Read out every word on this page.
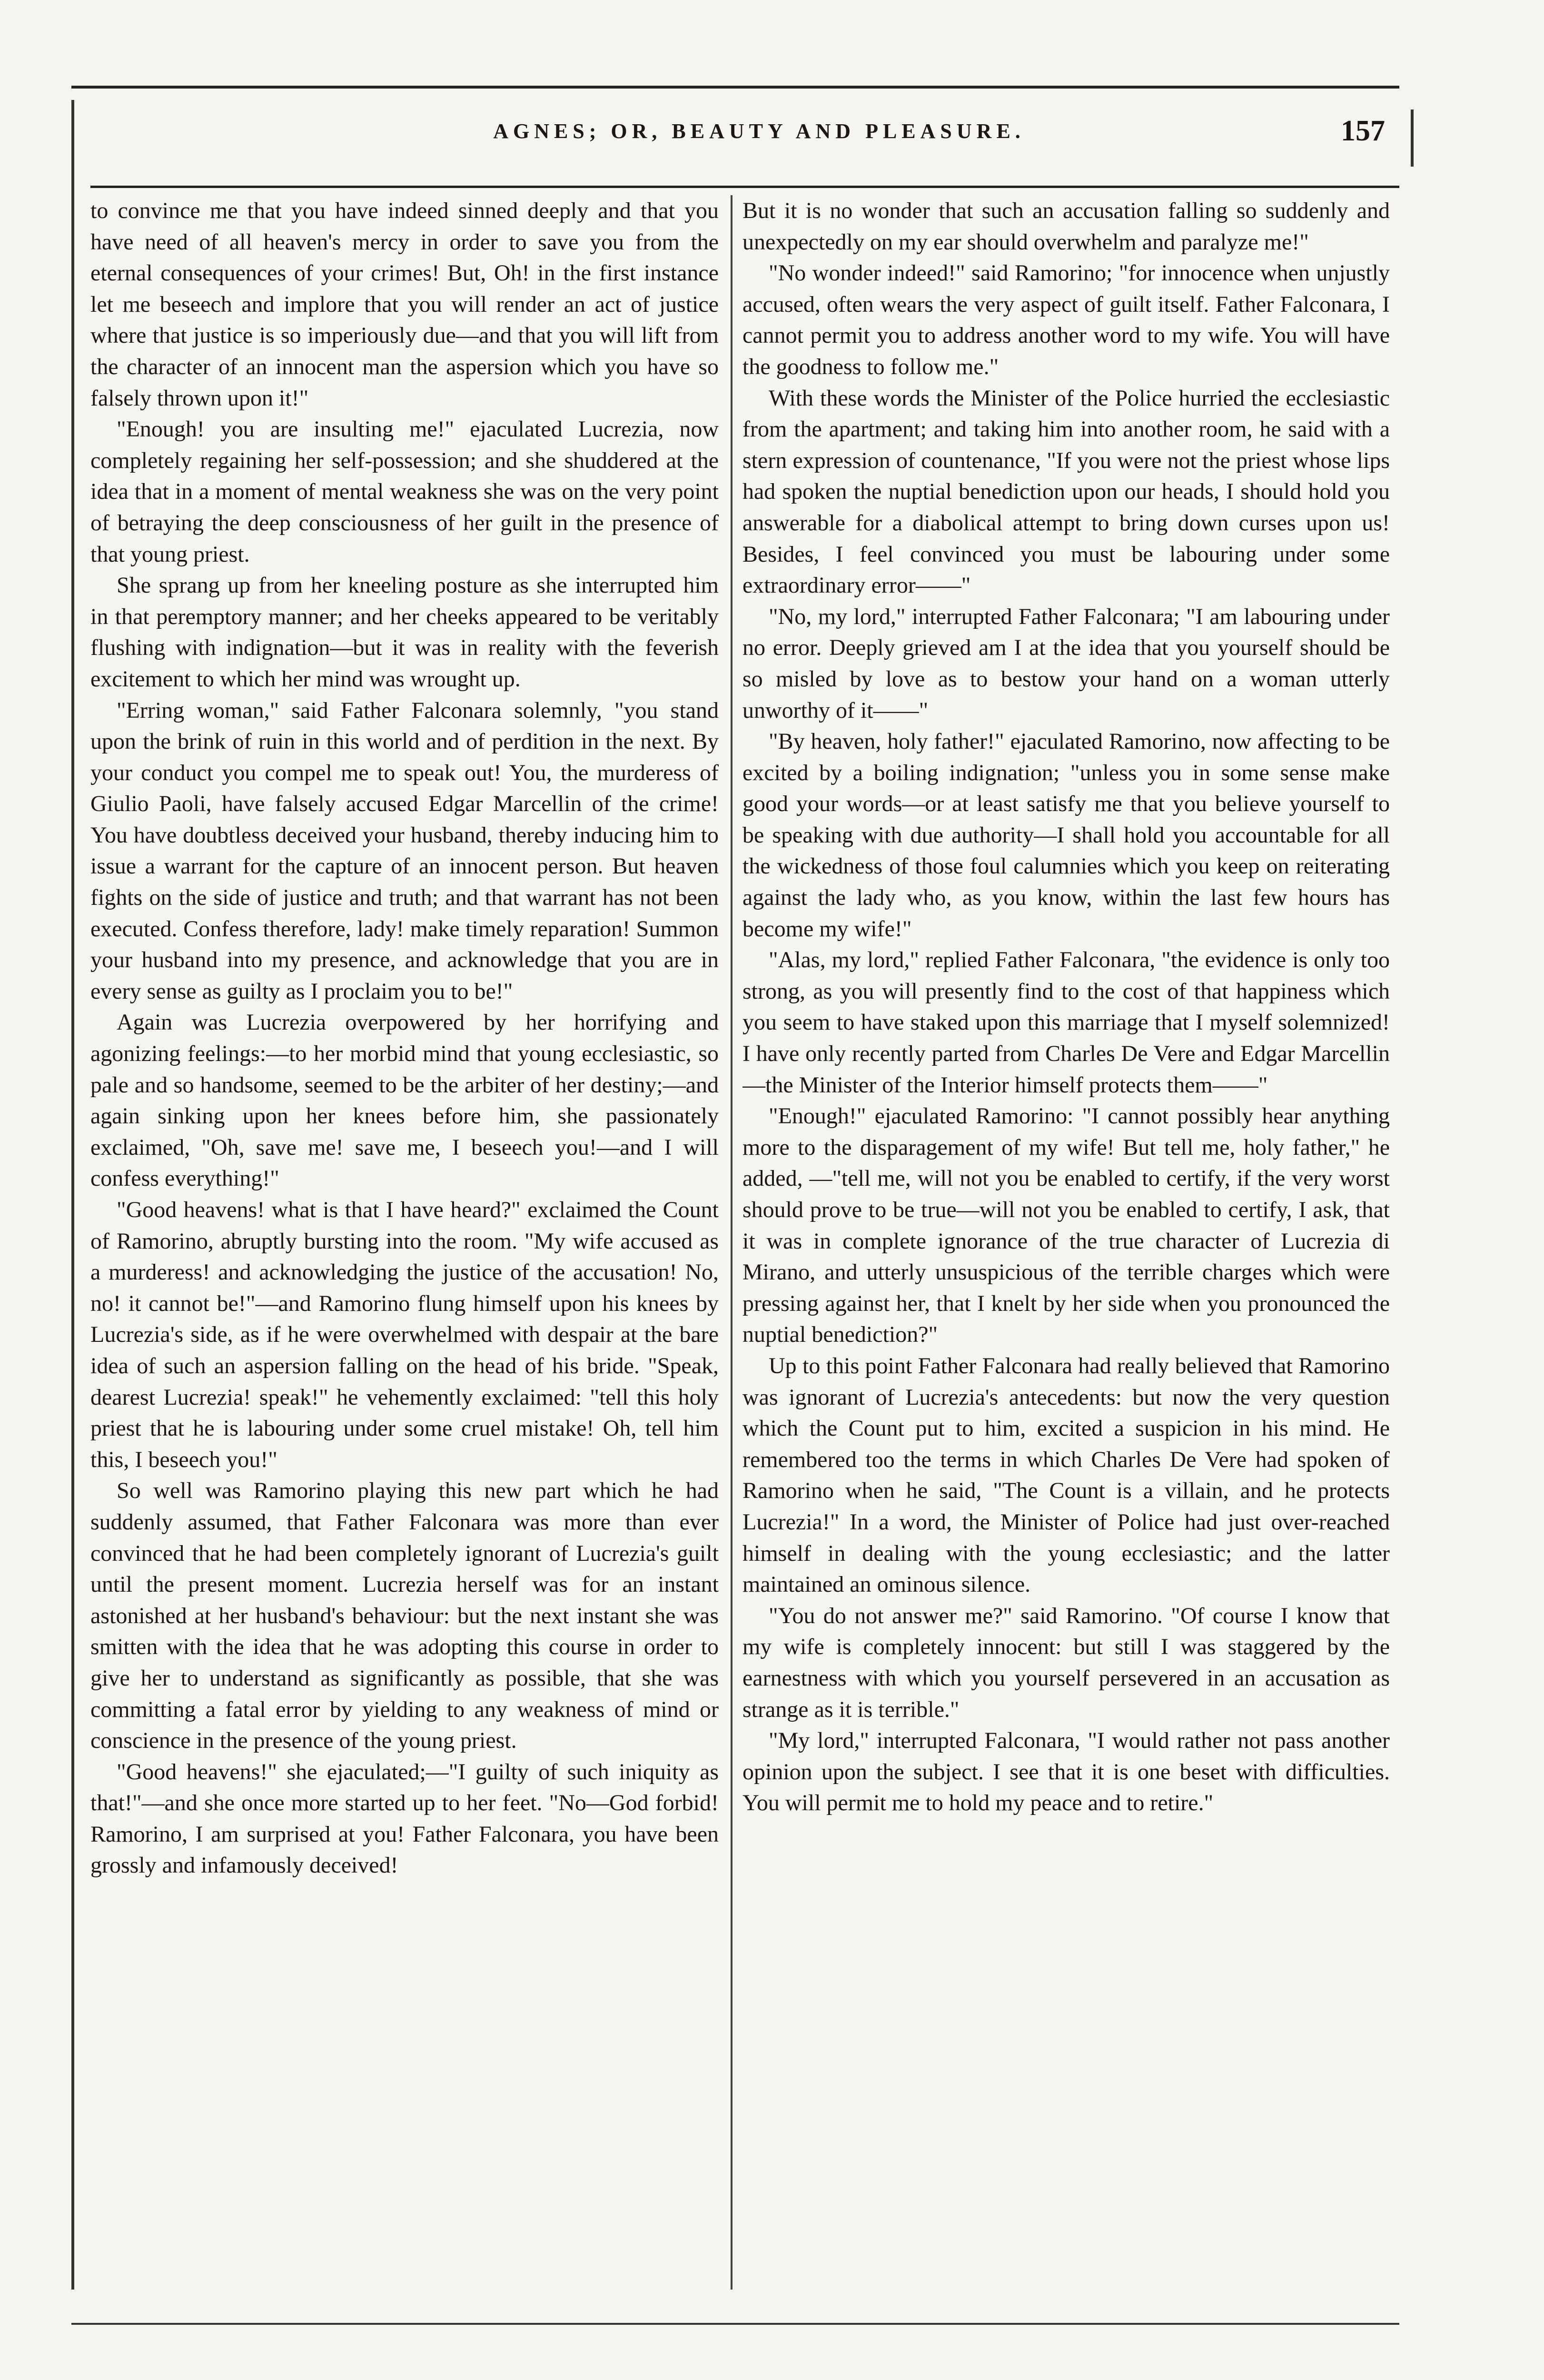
AGNES; OR, BEAUTY AND PLEASURE.	157

to convince me that you have indeed sinned deeply and that you have need of all heaven's mercy in order to save you from the eternal consequences of your crimes! But, Oh! in the first instance let me beseech and implore that you will render an act of justice where that justice is so imperiously due—and that you will lift from the character of an innocent man the aspersion which you have so falsely thrown upon it!"

"Enough! you are insulting me!" ejaculated Lucrezia, now completely regaining her self-possession; and she shuddered at the idea that in a moment of mental weakness she was on the very point of betraying the deep consciousness of her guilt in the presence of that young priest.

She sprang up from her kneeling posture as she interrupted him in that peremptory manner; and her cheeks appeared to be veritably flushing with indignation—but it was in reality with the feverish excitement to which her mind was wrought up.

"Erring woman," said Father Falconara solemnly, "you stand upon the brink of ruin in this world and of perdition in the next. By your conduct you compel me to speak out! You, the murderess of Giulio Paoli, have falsely accused Edgar Marcellin of the crime! You have doubtless deceived your husband, thereby inducing him to issue a warrant for the capture of an innocent person. But heaven fights on the side of justice and truth; and that warrant has not been executed. Confess therefore, lady! make timely reparation! Summon your husband into my presence, and acknowledge that you are in every sense as guilty as I proclaim you to be!"

Again was Lucrezia overpowered by her horrifying and agonizing feelings:—to her morbid mind that young ecclesiastic, so pale and so handsome, seemed to be the arbiter of her destiny;—and again sinking upon her knees before him, she passionately exclaimed, "Oh, save me! save me, I beseech you!—and I will confess everything!"

"Good heavens! what is that I have heard?" exclaimed the Count of Ramorino, abruptly bursting into the room. "My wife accused as a murderess! and acknowledging the justice of the accusation! No, no! it cannot be!"—and Ramorino flung himself upon his knees by Lucrezia's side, as if he were overwhelmed with despair at the bare idea of such an aspersion falling on the head of his bride. "Speak, dearest Lucrezia! speak!" he vehemently exclaimed: "tell this holy priest that he is labouring under some cruel mistake! Oh, tell him this, I beseech you!"

So well was Ramorino playing this new part which he had suddenly assumed, that Father Falconara was more than ever convinced that he had been completely ignorant of Lucrezia's guilt until the present moment. Lucrezia herself was for an instant astonished at her husband's behaviour: but the next instant she was smitten with the idea that he was adopting this course in order to give her to understand as significantly as possible, that she was committing a fatal error by yielding to any weakness of mind or conscience in the presence of the young priest.

"Good heavens!" she ejaculated;—"I guilty of such iniquity as that!"—and she once more started up to her feet. "No—God forbid! Ramorino, I am surprised at you! Father Falconara, you have been grossly and infamously deceived!

But it is no wonder that such an accusation falling so suddenly and unexpectedly on my ear should overwhelm and paralyze me!"

"No wonder indeed!" said Ramorino; "for innocence when unjustly accused, often wears the very aspect of guilt itself. Father Falconara, I cannot permit you to address another word to my wife. You will have the goodness to follow me."

With these words the Minister of the Police hurried the ecclesiastic from the apartment; and taking him into another room, he said with a stern expression of countenance, "If you were not the priest whose lips had spoken the nuptial benediction upon our heads, I should hold you answerable for a diabolical attempt to bring down curses upon us! Besides, I feel convinced you must be labouring under some extraordinary error——"

"No, my lord," interrupted Father Falconara; "I am labouring under no error. Deeply grieved am I at the idea that you yourself should be so misled by love as to bestow your hand on a woman utterly unworthy of it——"

"By heaven, holy father!" ejaculated Ramorino, now affecting to be excited by a boiling indignation; "unless you in some sense make good your words—or at least satisfy me that you believe yourself to be speaking with due authority—I shall hold you accountable for all the wickedness of those foul calumnies which you keep on reiterating against the lady who, as you know, within the last few hours has become my wife!"

"Alas, my lord," replied Father Falconara, "the evidence is only too strong, as you will presently find to the cost of that happiness which you seem to have staked upon this marriage that I myself solemnized! I have only recently parted from Charles De Vere and Edgar Marcellin—the Minister of the Interior himself protects them——"

"Enough!" ejaculated Ramorino: "I cannot possibly hear anything more to the disparagement of my wife! But tell me, holy father," he added, —"tell me, will not you be enabled to certify, if the very worst should prove to be true—will not you be enabled to certify, I ask, that it was in complete ignorance of the true character of Lucrezia di Mirano, and utterly unsuspicious of the terrible charges which were pressing against her, that I knelt by her side when you pronounced the nuptial benediction?"

Up to this point Father Falconara had really believed that Ramorino was ignorant of Lucrezia's antecedents: but now the very question which the Count put to him, excited a suspicion in his mind. He remembered too the terms in which Charles De Vere had spoken of Ramorino when he said, "The Count is a villain, and he protects Lucrezia!" In a word, the Minister of Police had just over-reached himself in dealing with the young ecclesiastic; and the latter maintained an ominous silence.

"You do not answer me?" said Ramorino. "Of course I know that my wife is completely innocent: but still I was staggered by the earnestness with which you yourself persevered in an accusation as strange as it is terrible."

"My lord," interrupted Falconara, "I would rather not pass another opinion upon the subject. I see that it is one beset with difficulties. You will permit me to hold my peace and to retire."
